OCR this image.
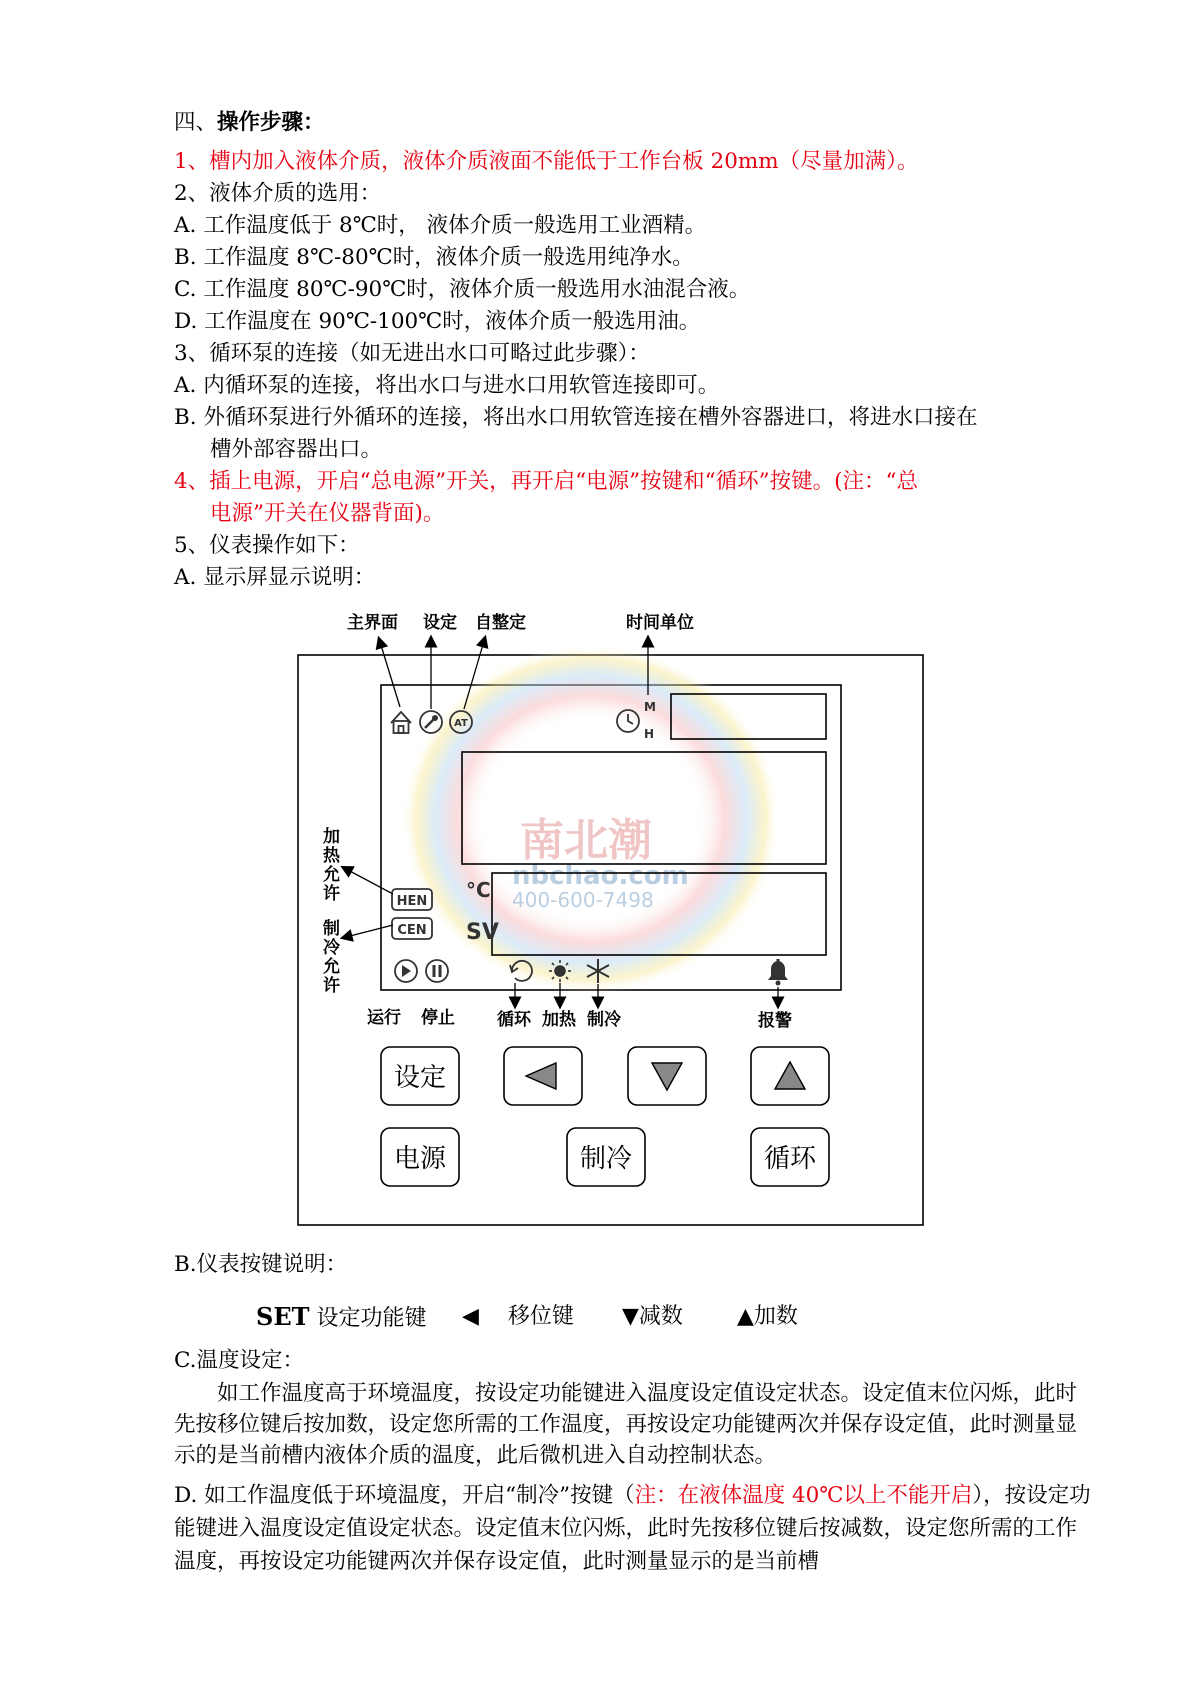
四、操作步骤：
1、槽内加入液体介质，液体介质液面不能低于工作台板 20mm（尽量加满）。
2、液体介质的选用：
A. 工作温度低于 8℃时， 液体介质一般选用工业酒精。
B. 工作温度 8℃-80℃时，液体介质一般选用纯净水。
C. 工作温度 80℃-90℃时，液体介质一般选用水油混合液。
D. 工作温度在 90℃-100℃时，液体介质一般选用油。
3、循环泵的连接（如无进出水口可略过此步骤）：
A. 内循环泵的连接，将出水口与进水口用软管连接即可。
B. 外循环泵进行外循环的连接，将出水口用软管连接在槽外容器进口，将进水口接在
槽外部容器出口。
4、插上电源，开启“总电源”开关，再开启“电源”按键和“循环”按键。(注：“总
电源”开关在仪器背面)。
5、仪表操作如下：
A. 显示屏显示说明：
主界面 设定 自整定	时间单位
南北潮
nbchao.com
400-600-7498
AT
M
H
°C
SV
HEN
CEN
加
热
允
许
制
冷
允
许
运行 停止 循环 加热 制冷	报警
设定
电源	制冷	循环
B.仪表按键说明：
SET 设定功能键 ◀ 移位键 ▼减数 ▲加数
C.温度设定：

如工作温度高于环境温度，按设定功能键进入温度设定值设定状态。设定值末位闪烁，此时先按移位键后按加数，设定您所需的工作温度，再按设定功能键两次并保存设定值，此时测量显示的是当前槽内液体介质的温度，此后微机进入自动控制状态。

D. 如工作温度低于环境温度，开启“制冷”按键（注：在液体温度 40℃以上不能开启），按设定功能键进入温度设定值设定状态。设定值末位闪烁，此时先按移位键后按减数，设定您所需的工作温度，再按设定功能键两次并保存设定值，此时测量显示的是当前槽
